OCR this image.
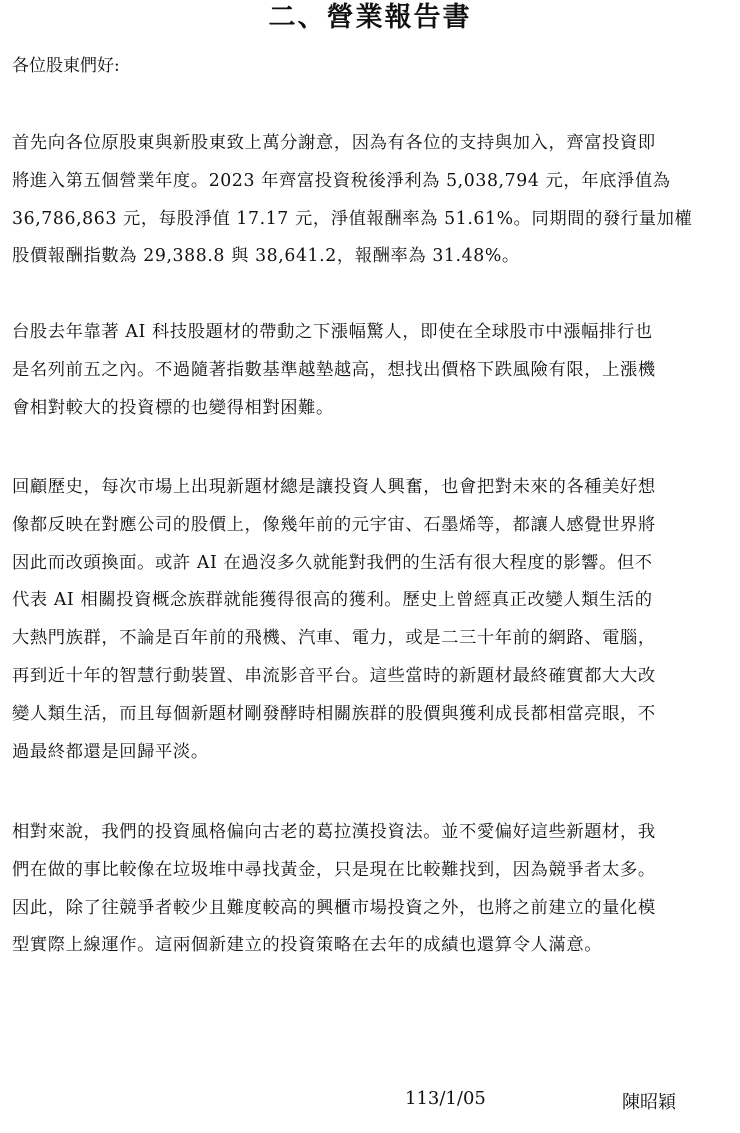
二、營業報告書
各位股東們好:
首先向各位原股東與新股東致上萬分謝意，因為有各位的支持與加入，齊富投資即
將進入第五個營業年度。2023 年齊富投資稅後淨利為 5,038,794 元，年底淨值為
36,786,863 元，每股淨值 17.17 元，淨值報酬率為 51.61%。同期間的發行量加權
股價報酬指數為 29,388.8 與 38,641.2，報酬率為 31.48%。
台股去年靠著 AI 科技股題材的帶動之下漲幅驚人，即使在全球股市中漲幅排行也
是名列前五之內。不過隨著指數基準越墊越高，想找出價格下跌風險有限，上漲機
會相對較大的投資標的也變得相對困難。
回顧歷史，每次市場上出現新題材總是讓投資人興奮，也會把對未來的各種美好想
像都反映在對應公司的股價上，像幾年前的元宇宙、石墨烯等，都讓人感覺世界將
因此而改頭換面。或許 AI 在過沒多久就能對我們的生活有很大程度的影響。但不
代表 AI 相關投資概念族群就能獲得很高的獲利。歷史上曾經真正改變人類生活的
大熱門族群，不論是百年前的飛機、汽車、電力，或是二三十年前的網路、電腦，
再到近十年的智慧行動裝置、串流影音平台。這些當時的新題材最終確實都大大改
變人類生活，而且每個新題材剛發酵時相關族群的股價與獲利成長都相當亮眼，不
過最終都還是回歸平淡。
相對來說，我們的投資風格偏向古老的葛拉漢投資法。並不愛偏好這些新題材，我
們在做的事比較像在垃圾堆中尋找黃金，只是現在比較難找到，因為競爭者太多。
因此，除了往競爭者較少且難度較高的興櫃市場投資之外，也將之前建立的量化模
型實際上線運作。這兩個新建立的投資策略在去年的成績也還算令人滿意。
113/1/05	陳昭穎
